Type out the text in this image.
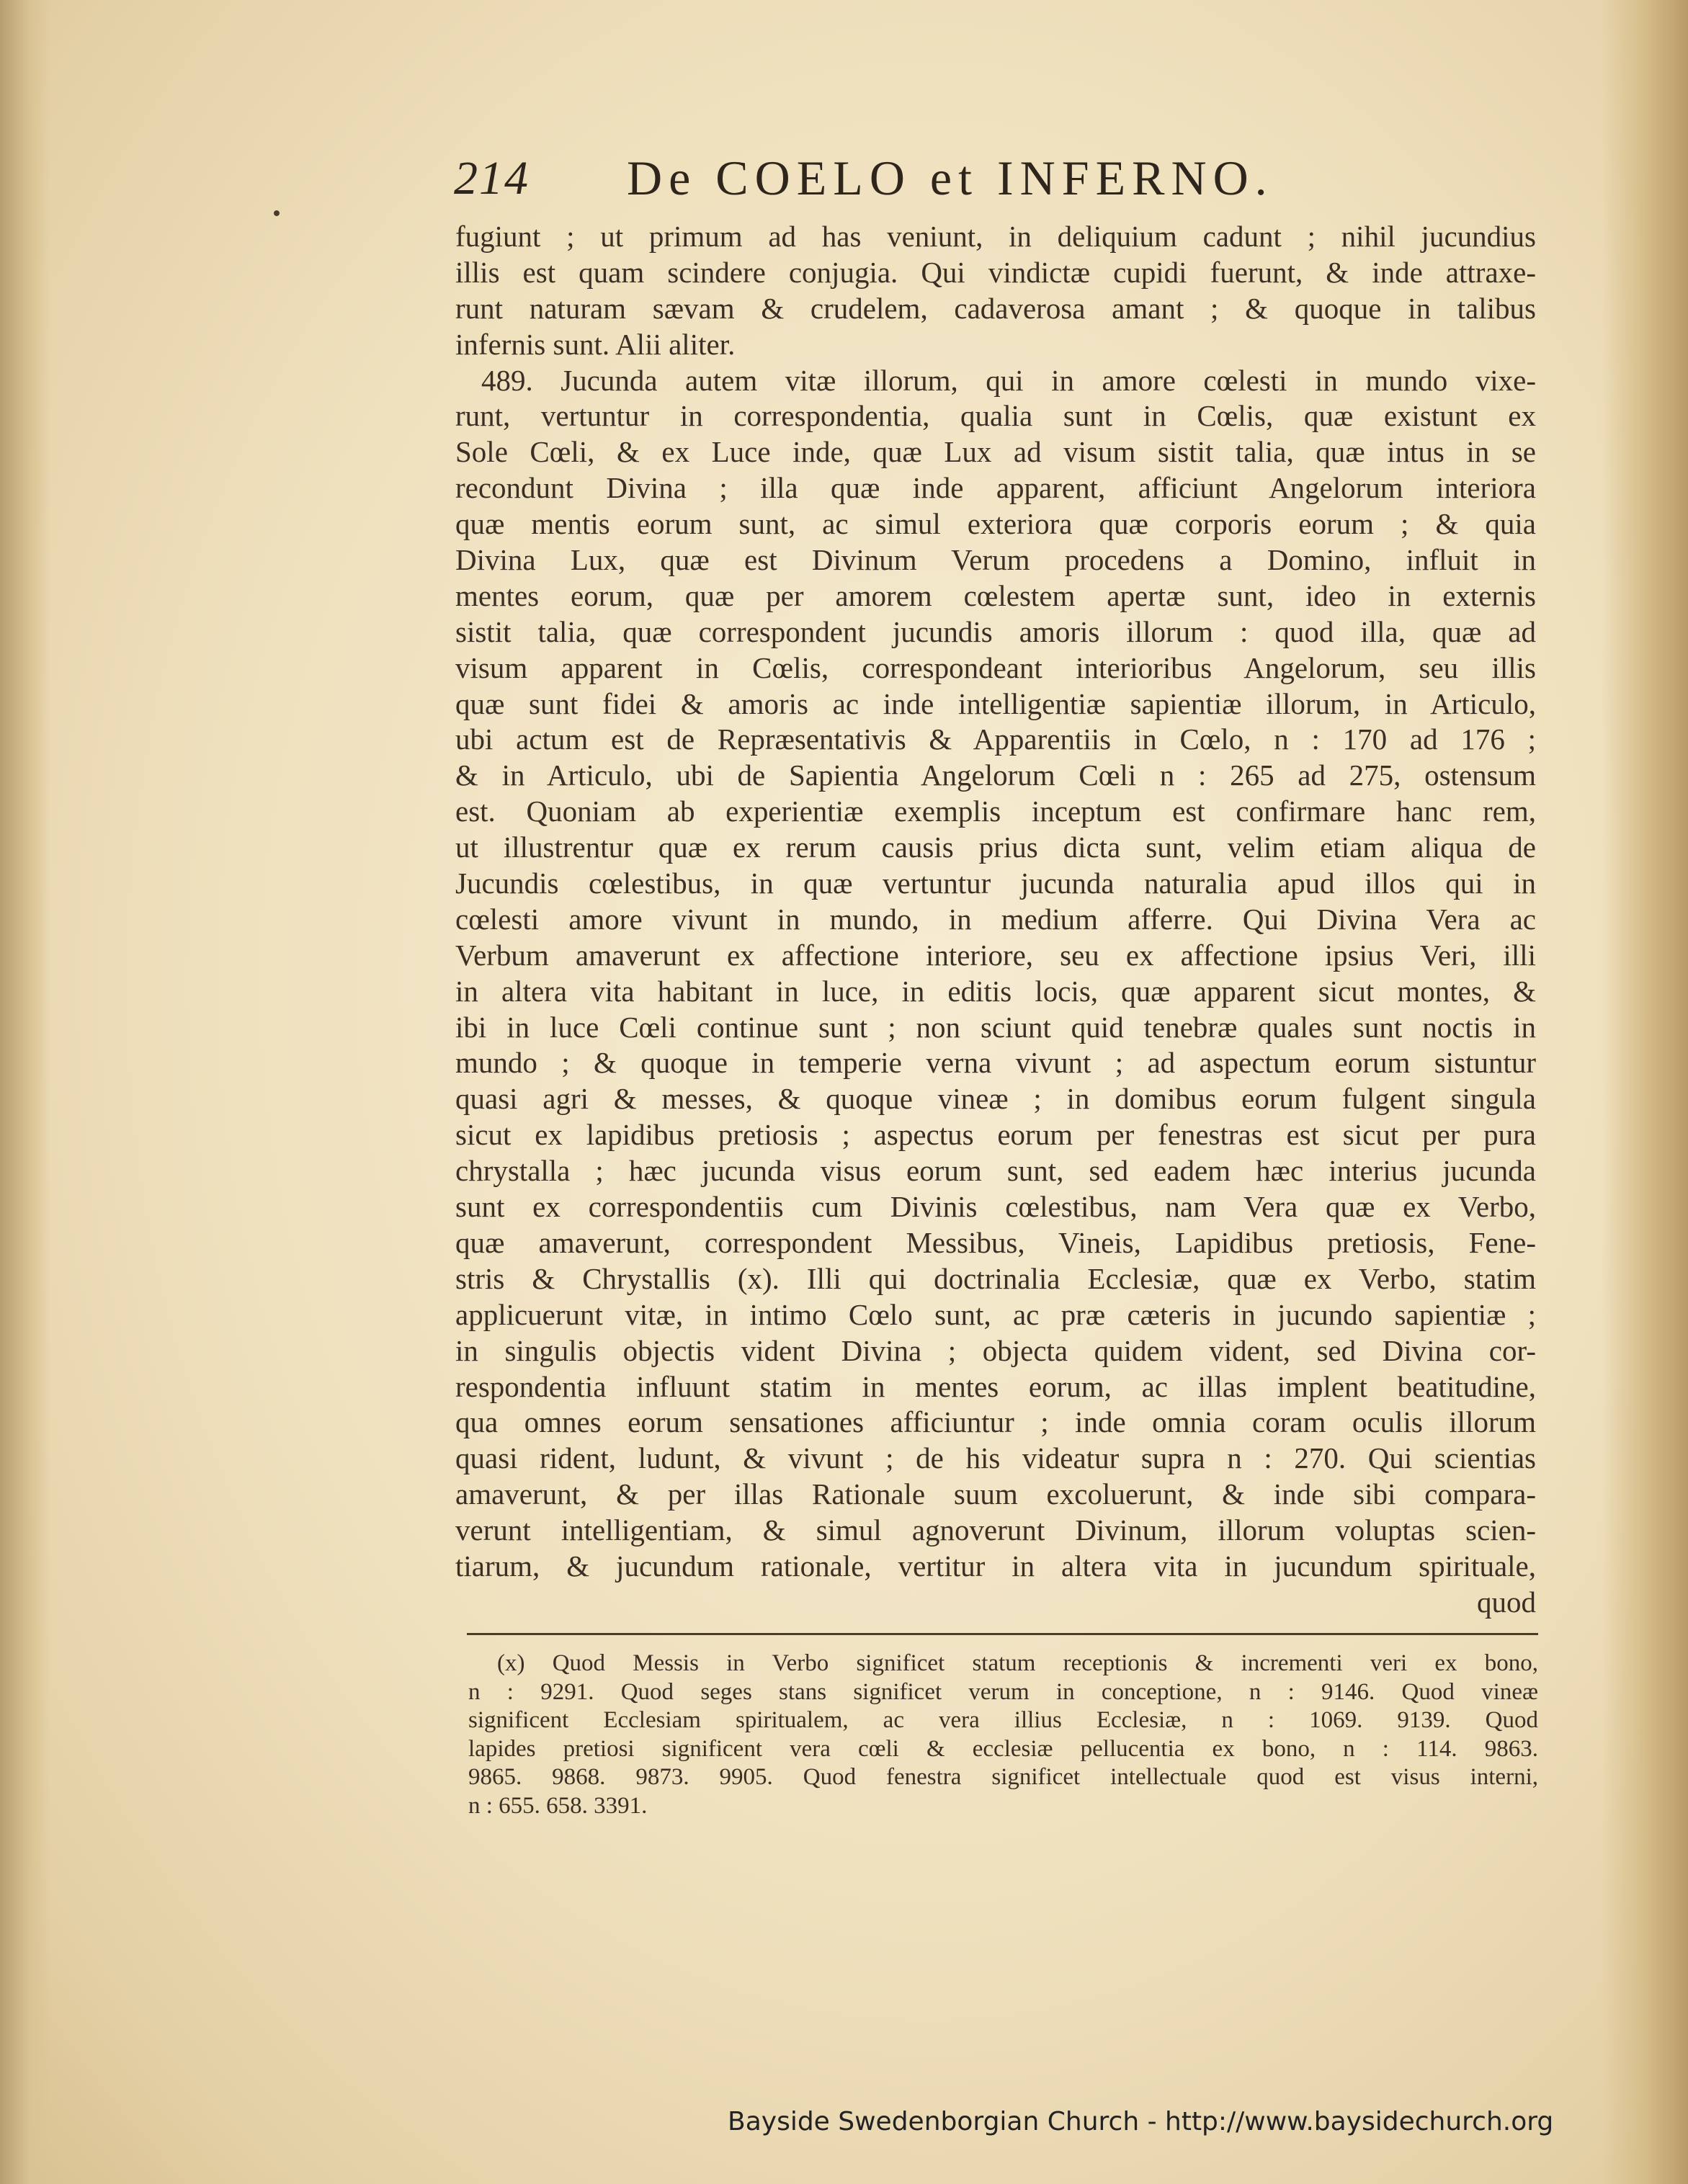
214 De COELO et INFERNO.
fugiunt ; ut primum ad has veniunt, in deliquium cadunt ; nihil jucundius
illis est quam scindere conjugia. Qui vindictæ cupidi fuerunt, & inde attraxe-
runt naturam sævam & crudelem, cadaverosa amant ; & quoque in talibus
infernis sunt. Alii aliter.
489. Jucunda autem vitæ illorum, qui in amore cœlesti in mundo vixe-
runt, vertuntur in correspondentia, qualia sunt in Cœlis, quæ existunt ex
Sole Cœli, & ex Luce inde, quæ Lux ad visum sistit talia, quæ intus in se
recondunt Divina ; illa quæ inde apparent, afficiunt Angelorum interiora
quæ mentis eorum sunt, ac simul exteriora quæ corporis eorum ; & quia
Divina Lux, quæ est Divinum Verum procedens a Domino, influit in
mentes eorum, quæ per amorem cœlestem apertæ sunt, ideo in externis
sistit talia, quæ correspondent jucundis amoris illorum : quod illa, quæ ad
visum apparent in Cœlis, correspondeant interioribus Angelorum, seu illis
quæ sunt fidei & amoris ac inde intelligentiæ sapientiæ illorum, in Articulo,
ubi actum est de Repræsentativis & Apparentiis in Cœlo, n : 170 ad 176 ;
& in Articulo, ubi de Sapientia Angelorum Cœli n : 265 ad 275, ostensum
est. Quoniam ab experientiæ exemplis inceptum est confirmare hanc rem,
ut illustrentur quæ ex rerum causis prius dicta sunt, velim etiam aliqua de
Jucundis cœlestibus, in quæ vertuntur jucunda naturalia apud illos qui in
cœlesti amore vivunt in mundo, in medium afferre. Qui Divina Vera ac
Verbum amaverunt ex affectione interiore, seu ex affectione ipsius Veri, illi
in altera vita habitant in luce, in editis locis, quæ apparent sicut montes, &
ibi in luce Cœli continue sunt ; non sciunt quid tenebræ quales sunt noctis in
mundo ; & quoque in temperie verna vivunt ; ad aspectum eorum sistuntur
quasi agri & messes, & quoque vineæ ; in domibus eorum fulgent singula
sicut ex lapidibus pretiosis ; aspectus eorum per fenestras est sicut per pura
chrystalla ; hæc jucunda visus eorum sunt, sed eadem hæc interius jucunda
sunt ex correspondentiis cum Divinis cœlestibus, nam Vera quæ ex Verbo,
quæ amaverunt, correspondent Messibus, Vineis, Lapidibus pretiosis, Fene-
stris & Chrystallis (x). Illi qui doctrinalia Ecclesiæ, quæ ex Verbo, statim
applicuerunt vitæ, in intimo Cœlo sunt, ac præ cæteris in jucundo sapientiæ ;
in singulis objectis vident Divina ; objecta quidem vident, sed Divina cor-
respondentia influunt statim in mentes eorum, ac illas implent beatitudine,
qua omnes eorum sensationes afficiuntur ; inde omnia coram oculis illorum
quasi rident, ludunt, & vivunt ; de his videatur supra n : 270. Qui scientias
amaverunt, & per illas Rationale suum excoluerunt, & inde sibi compara-
verunt intelligentiam, & simul agnoverunt Divinum, illorum voluptas scien-
tiarum, & jucundum rationale, vertitur in altera vita in jucundum spirituale,
quod
(x) Quod Messis in Verbo significet statum receptionis & incrementi veri ex bono,
n : 9291. Quod seges stans significet verum in conceptione, n : 9146. Quod vineæ
significent Ecclesiam spiritualem, ac vera illius Ecclesiæ, n : 1069. 9139. Quod
lapides pretiosi significent vera cœli & ecclesiæ pellucentia ex bono, n : 114. 9863.
9865. 9868. 9873. 9905. Quod fenestra significet intellectuale quod est visus interni,
n : 655. 658. 3391.
Bayside Swedenborgian Church - http://www.baysidechurch.org
